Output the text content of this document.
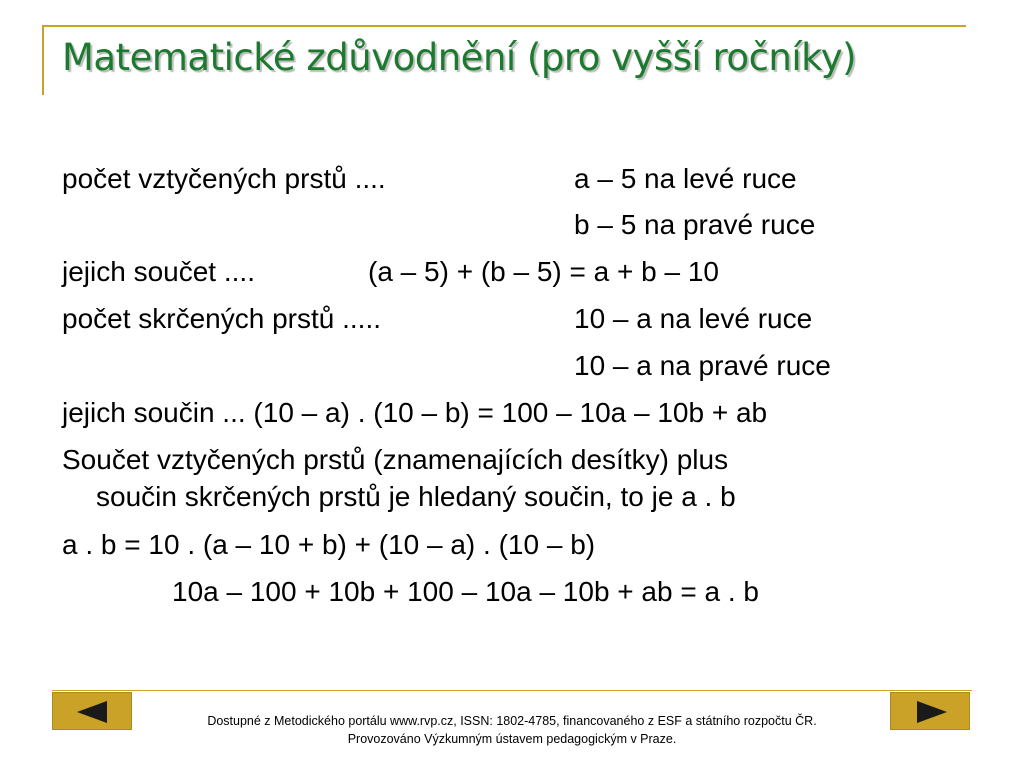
Matematické zdůvodnění (pro vyšší ročníky)
počet vztyčených prstů ....	a – 5 na levé ruce
b – 5 na pravé ruce
jejich součet ....	(a – 5) + (b – 5) = a + b – 10
počet skrčených prstů .....	10 – a na levé ruce
10 – a na pravé ruce
jejich součin ... (10 – a) . (10 – b) = 100 – 10a – 10b + ab
Součet vztyčených prstů (znamenajících desítky) plus
součin skrčených prstů je hledaný součin, to je a . b
a . b = 10 . (a – 10 + b) + (10 – a) . (10 – b)
10a – 100 + 10b + 100 – 10a – 10b + ab = a . b
Dostupné z Metodického portálu www.rvp.cz, ISSN: 1802-4785, financovaného z ESF a státního rozpočtu ČR.
Provozováno Výzkumným ústavem pedagogickým v Praze.
